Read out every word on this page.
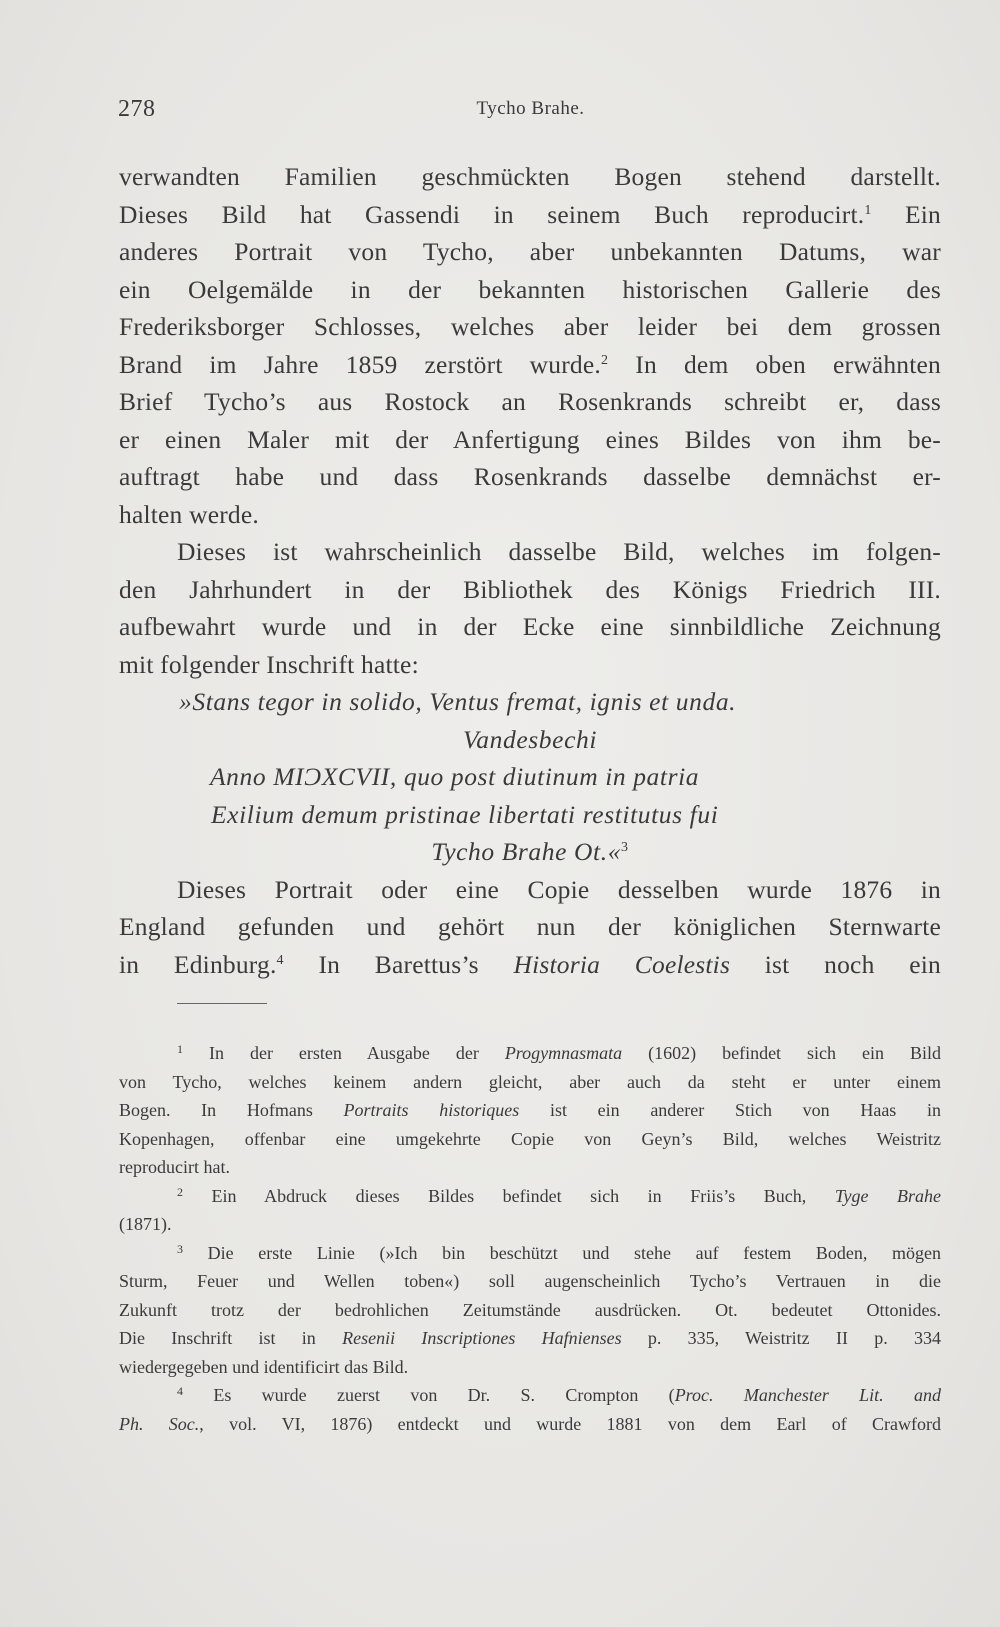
278	Tycho Brahe.
verwandten Familien geschmückten Bogen stehend darstellt.
Dieses Bild hat Gassendi in seinem Buch reproducirt.$^1$ Ein
anderes Portrait von Tycho, aber unbekannten Datums, war
ein Oelgemälde in der bekannten historischen Gallerie des
Frederiksborger Schlosses, welches aber leider bei dem grossen
Brand im Jahre 1859 zerstört wurde.$^2$ In dem oben erwähnten
Brief Tycho’s aus Rostock an Rosenkrands schreibt er, dass
er einen Maler mit der Anfertigung eines Bildes von ihm be-
auftragt habe und dass Rosenkrands dasselbe demnächst er-
halten werde.
Dieses ist wahrscheinlich dasselbe Bild, welches im folgen-
den Jahrhundert in der Bibliothek des Königs Friedrich III.
aufbewahrt wurde und in der Ecke eine sinnbildliche Zeichnung
mit folgender Inschrift hatte:
»Stans tegor in solido, Ventus fremat, ignis et unda.
Vandesbechi
Anno MIƆXCVII, quo post diutinum in patria
Exilium demum pristinae libertati restitutus fui
Tycho Brahe Ot.«$^3$
Dieses Portrait oder eine Copie desselben wurde 1876 in
England gefunden und gehört nun der königlichen Sternwarte
in Edinburg.$^4$ In Barettus’s Historia Coelestis ist noch ein
$^1$ In der ersten Ausgabe der Progymnasmata (1602) befindet sich ein Bild
von Tycho, welches keinem andern gleicht, aber auch da steht er unter einem
Bogen. In Hofmans Portraits historiques ist ein anderer Stich von Haas in
Kopenhagen, offenbar eine umgekehrte Copie von Geyn’s Bild, welches Weistritz
reproducirt hat.
$^2$ Ein Abdruck dieses Bildes befindet sich in Friis’s Buch, Tyge Brahe
(1871).
$^3$ Die erste Linie (»Ich bin beschützt und stehe auf festem Boden, mögen
Sturm, Feuer und Wellen toben«) soll augenscheinlich Tycho’s Vertrauen in die
Zukunft trotz der bedrohlichen Zeitumstände ausdrücken. Ot. bedeutet Ottonides.
Die Inschrift ist in Resenii Inscriptiones Hafnienses p. 335, Weistritz II p. 334
wiedergegeben und identificirt das Bild.
$^4$ Es wurde zuerst von Dr. S. Crompton (Proc. Manchester Lit. and
Ph. Soc., vol. VI, 1876) entdeckt und wurde 1881 von dem Earl of Crawford
